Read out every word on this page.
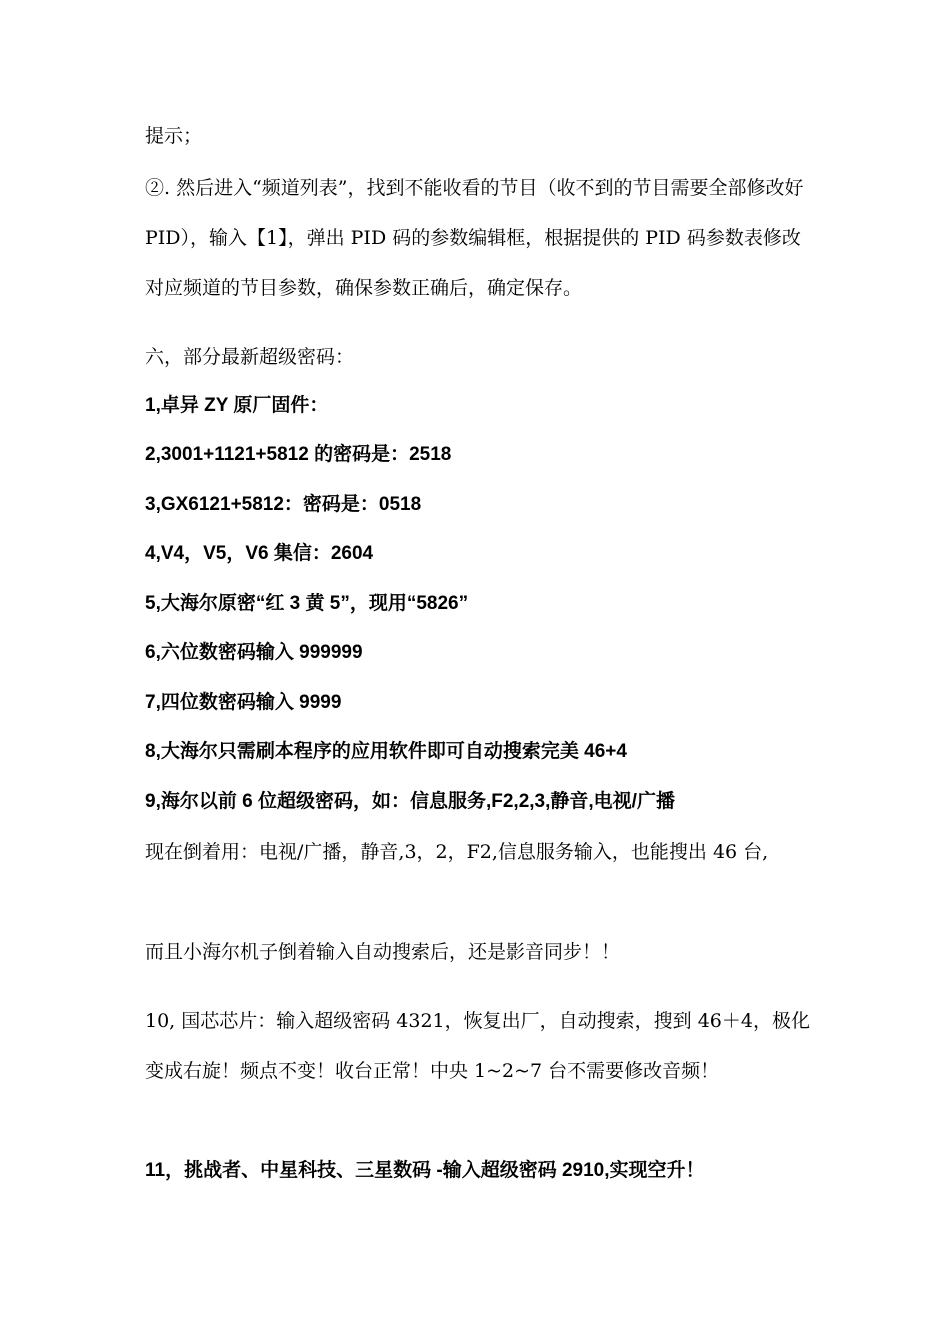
提示；

②. 然后进入“频道列表”，找到不能收看的节目（收不到的节目需要全部修改好 PID），输入【1】，弹出 PID 码的参数编辑框，根据提供的 PID 码参数表修改对应频道的节目参数，确保参数正确后，确定保存。

六，部分最新超级密码：

1,卓异 ZY 原厂固件：

2,3001+1121+5812 的密码是：2518

3,GX6121+5812：密码是：0518

4,V4，V5，V6 集信：2604

5,大海尔原密“红 3 黄 5”，现用“5826”

6,六位数密码输入 999999

7,四位数密码输入 9999

8,大海尔只需刷本程序的应用软件即可自动搜索完美 46+4

9,海尔以前 6 位超级密码，如：信息服务,F2,2,3,静音,电视/广播

现在倒着用：电视/广播，静音,3，2，F2,信息服务输入，也能搜出 46 台,

而且小海尔机子倒着输入自动搜索后，还是影音同步！！

10, 国芯芯片：输入超级密码 4321，恢复出厂，自动搜索，搜到 46＋4，极化变成右旋！频点不变！收台正常！中央 1~2~7 台不需要修改音频！

11，挑战者、中星科技、三星数码 -输入超级密码 2910,实现空升！
